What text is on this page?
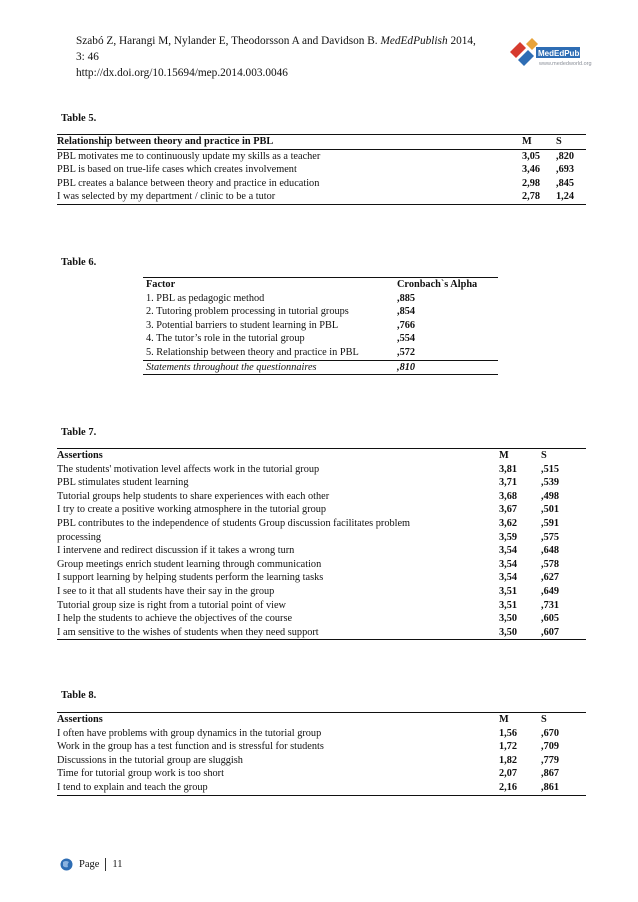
Szabó Z, Harangi M, Nylander E, Theodorsson A and Davidson B. MedEdPublish 2014,
3: 46
http://dx.doi.org/10.15694/mep.2014.003.0046
MedEdPublish
www.mededworld.org
Table 5.
Relationship between theory and practice in PBL	M	S
PBL motivates me to continuously update my skills as a teacher	3,05	,820
PBL is based on true-life cases which creates involvement	3,46	,693
PBL creates a balance between theory and practice in education	2,98	,845
I was selected by my department / clinic to be a tutor	2,78	1,24
Table 6.
Factor	Cronbach`s Alpha
1. PBL as pedagogic method	,885
2. Tutoring problem processing in tutorial groups	,854
3. Potential barriers to student learning in PBL	,766
4. The tutor’s role in the tutorial group	,554
5. Relationship between theory and practice in PBL	,572
Statements throughout the questionnaires	,810
Table 7.
Assertions	M	S
The students' motivation level affects work in the tutorial group	3,81	,515
PBL stimulates student learning	3,71	,539
Tutorial groups help students to share experiences with each other	3,68	,498
I try to create a positive working atmosphere in the tutorial group	3,67	,501
PBL contributes to the independence of students Group discussion facilitates problem	3,62	,591
processing	3,59	,575
I intervene and redirect discussion if it takes a wrong turn	3,54	,648
Group meetings enrich student learning through communication	3,54	,578
I support learning by helping students perform the learning tasks	3,54	,627
I see to it that all students have their say in the group	3,51	,649
Tutorial group size is right from a tutorial point of view	3,51	,731
I help the students to achieve the objectives of the course	3,50	,605
I am sensitive to the wishes of students when they need support	3,50	,607
Table 8.
Assertions	M	S
I often have problems with group dynamics in the tutorial group	1,56	,670
Work in the group has a test function and is stressful for students	1,72	,709
Discussions in the tutorial group are sluggish	1,82	,779
Time for tutorial group work is too short	2,07	,867
I tend to explain and teach the group	2,16	,861
Page 11
